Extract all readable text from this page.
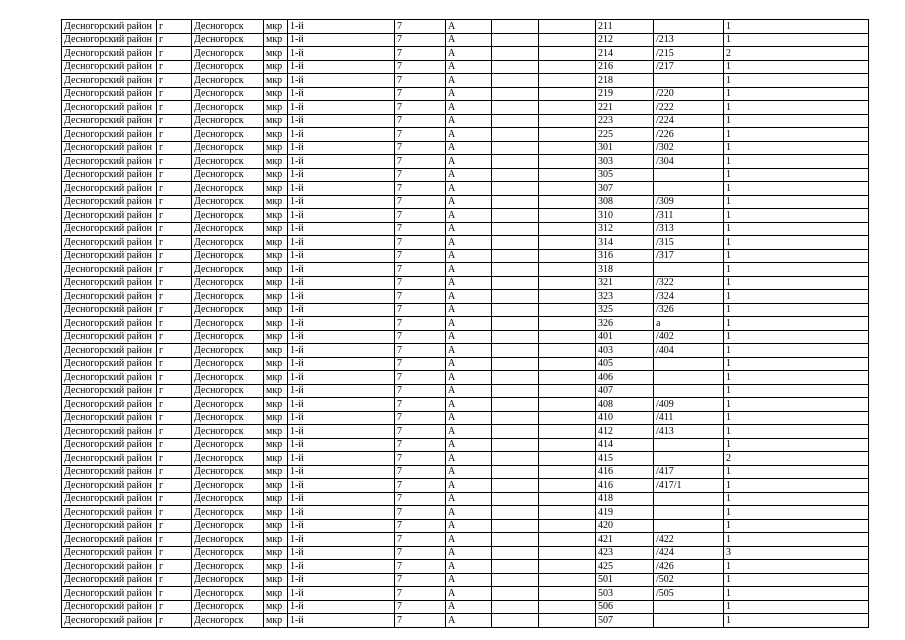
Десногорский район	г	Десногорск	мкр	1-й	7	А			211		1
Десногорский район	г	Десногорск	мкр	1-й	7	А			212	/213	1
Десногорский район	г	Десногорск	мкр	1-й	7	А			214	/215	2
Десногорский район	г	Десногорск	мкр	1-й	7	А			216	/217	1
Десногорский район	г	Десногорск	мкр	1-й	7	А			218		1
Десногорский район	г	Десногорск	мкр	1-й	7	А			219	/220	1
Десногорский район	г	Десногорск	мкр	1-й	7	А			221	/222	1
Десногорский район	г	Десногорск	мкр	1-й	7	А			223	/224	1
Десногорский район	г	Десногорск	мкр	1-й	7	А			225	/226	1
Десногорский район	г	Десногорск	мкр	1-й	7	А			301	/302	1
Десногорский район	г	Десногорск	мкр	1-й	7	А			303	/304	1
Десногорский район	г	Десногорск	мкр	1-й	7	А			305		1
Десногорский район	г	Десногорск	мкр	1-й	7	А			307		1
Десногорский район	г	Десногорск	мкр	1-й	7	А			308	/309	1
Десногорский район	г	Десногорск	мкр	1-й	7	А			310	/311	1
Десногорский район	г	Десногорск	мкр	1-й	7	А			312	/313	1
Десногорский район	г	Десногорск	мкр	1-й	7	А			314	/315	1
Десногорский район	г	Десногорск	мкр	1-й	7	А			316	/317	1
Десногорский район	г	Десногорск	мкр	1-й	7	А			318		1
Десногорский район	г	Десногорск	мкр	1-й	7	А			321	/322	1
Десногорский район	г	Десногорск	мкр	1-й	7	А			323	/324	1
Десногорский район	г	Десногорск	мкр	1-й	7	А			325	/326	1
Десногорский район	г	Десногорск	мкр	1-й	7	А			326	а	1
Десногорский район	г	Десногорск	мкр	1-й	7	А			401	/402	1
Десногорский район	г	Десногорск	мкр	1-й	7	А			403	/404	1
Десногорский район	г	Десногорск	мкр	1-й	7	А			405		1
Десногорский район	г	Десногорск	мкр	1-й	7	А			406		1
Десногорский район	г	Десногорск	мкр	1-й	7	А			407		1
Десногорский район	г	Десногорск	мкр	1-й	7	А			408	/409	1
Десногорский район	г	Десногорск	мкр	1-й	7	А			410	/411	1
Десногорский район	г	Десногорск	мкр	1-й	7	А			412	/413	1
Десногорский район	г	Десногорск	мкр	1-й	7	А			414		1
Десногорский район	г	Десногорск	мкр	1-й	7	А			415		2
Десногорский район	г	Десногорск	мкр	1-й	7	А			416	/417	1
Десногорский район	г	Десногорск	мкр	1-й	7	А			416	/417/1	1
Десногорский район	г	Десногорск	мкр	1-й	7	А			418		1
Десногорский район	г	Десногорск	мкр	1-й	7	А			419		1
Десногорский район	г	Десногорск	мкр	1-й	7	А			420		1
Десногорский район	г	Десногорск	мкр	1-й	7	А			421	/422	1
Десногорский район	г	Десногорск	мкр	1-й	7	А			423	/424	3
Десногорский район	г	Десногорск	мкр	1-й	7	А			425	/426	1
Десногорский район	г	Десногорск	мкр	1-й	7	А			501	/502	1
Десногорский район	г	Десногорск	мкр	1-й	7	А			503	/505	1
Десногорский район	г	Десногорск	мкр	1-й	7	А			506		1
Десногорский район	г	Десногорск	мкр	1-й	7	А			507		1
